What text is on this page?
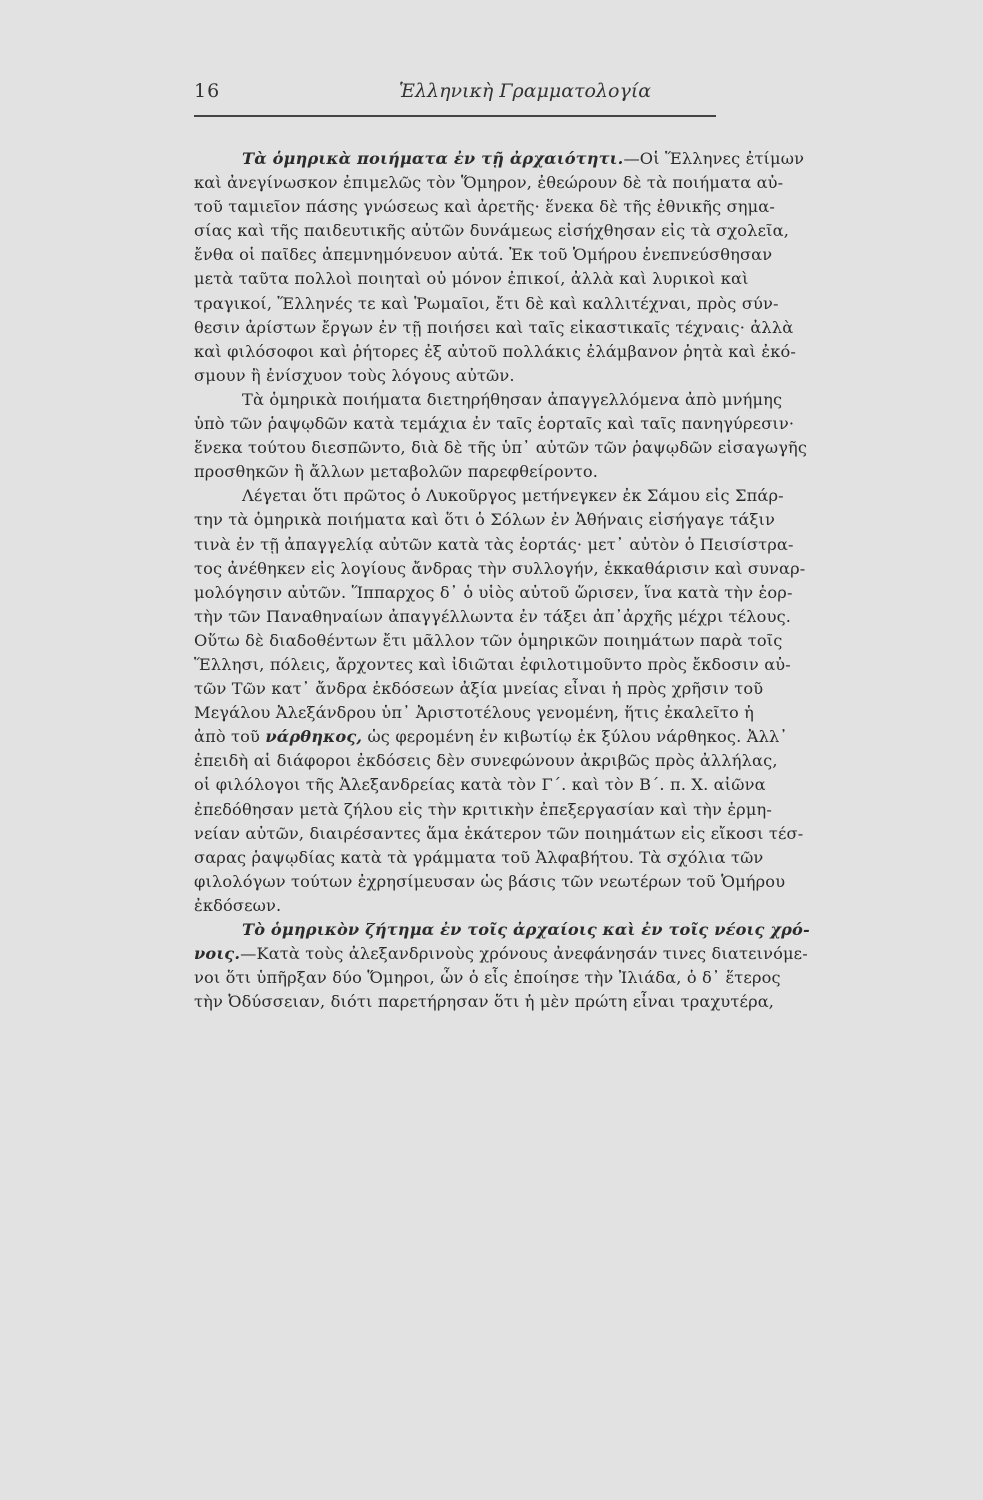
16	Ἑλληνικὴ Γραμματολογία
Τὰ ὁμηρικὰ ποιήματα ἐν τῇ ἀρχαιότητι.—Οἱ Ἕλληνες ἐτίμων
καὶ ἀνεγίνωσκον ἐπιμελῶς τὸν Ὅμηρον, ἐθεώρουν δὲ τὰ ποιήματα αὐ-
τοῦ ταμιεῖον πάσης γνώσεως καὶ ἀρετῆς· ἕνεκα δὲ τῆς ἐθνικῆς σημα-
σίας καὶ τῆς παιδευτικῆς αὐτῶν δυνάμεως εἰσήχθησαν εἰς τὰ σχολεῖα,
ἔνθα οἱ παῖδες ἀπεμνημόνευον αὐτά. Ἐκ τοῦ Ὁμήρου ἐνεπνεύσθησαν
μετὰ ταῦτα πολλοὶ ποιηταὶ οὐ μόνον ἐπικοί, ἀλλὰ καὶ λυρικοὶ καὶ
τραγικοί, Ἕλληνές τε καὶ Ῥωμαῖοι, ἔτι δὲ καὶ καλλιτέχναι, πρὸς σύν-
θεσιν ἀρίστων ἔργων ἐν τῇ ποιήσει καὶ ταῖς εἰκαστικαῖς τέχναις· ἀλλὰ
καὶ φιλόσοφοι καὶ ῥήτορες ἐξ αὐτοῦ πολλάκις ἐλάμβανον ῥητὰ καὶ ἐκό-
σμουν ἢ ἐνίσχυον τοὺς λόγους αὐτῶν.
Τὰ ὁμηρικὰ ποιήματα διετηρήθησαν ἀπαγγελλόμενα ἀπὸ μνήμης
ὑπὸ τῶν ῥαψῳδῶν κατὰ τεμάχια ἐν ταῖς ἑορταῖς καὶ ταῖς πανηγύρεσιν·
ἕνεκα τούτου διεσπῶντο, διὰ δὲ τῆς ὑπ᾽ αὐτῶν τῶν ῥαψῳδῶν εἰσαγωγῆς
προσθηκῶν ἢ ἄλλων μεταβολῶν παρεφθείροντο.
Λέγεται ὅτι πρῶτος ὁ Λυκοῦργος μετήνεγκεν ἐκ Σάμου εἰς Σπάρ-
την τὰ ὁμηρικὰ ποιήματα καὶ ὅτι ὁ Σόλων ἐν Ἀθήναις εἰσήγαγε τάξιν
τινὰ ἐν τῇ ἀπαγγελίᾳ αὐτῶν κατὰ τὰς ἑορτάς· μετ᾽ αὐτὸν ὁ Πεισίστρα-
τος ἀνέθηκεν εἰς λογίους ἄνδρας τὴν συλλογήν, ἐκκαθάρισιν καὶ συναρ-
μολόγησιν αὐτῶν. Ἵππαρχος δ᾽ ὁ υἱὸς αὐτοῦ ὥρισεν, ἵνα κατὰ τὴν ἑορ-
τὴν τῶν Παναθηναίων ἀπαγγέλλωντα ἐν τάξει ἀπ᾽ἀρχῆς μέχρι τέλους.
Οὕτω δὲ διαδοθέντων ἔτι μᾶλλον τῶν ὁμηρικῶν ποιημάτων παρὰ τοῖς
Ἕλλησι, πόλεις, ἄρχοντες καὶ ἰδιῶται ἐφιλοτιμοῦντο πρὸς ἔκδοσιν αὐ-
τῶν Τῶν κατ᾽ ἄνδρα ἐκδόσεων ἀξία μνείας εἶναι ἡ πρὸς χρῆσιν τοῦ
Μεγάλου Ἀλεξάνδρου ὑπ᾽ Ἀριστοτέλους γενομένη, ἥτις ἐκαλεῖτο ἡ
ἀπὸ τοῦ νάρθηκος, ὡς φερομένη ἐν κιβωτίῳ ἐκ ξύλου νάρθηκος. Ἀλλ᾽
ἐπειδὴ αἱ διάφοροι ἐκδόσεις δὲν συνεφώνουν ἀκριβῶς πρὸς ἀλλήλας,
οἱ φιλόλογοι τῆς Ἀλεξανδρείας κατὰ τὸν Γ΄. καὶ τὸν Β΄. π. Χ. αἰῶνα
ἐπεδόθησαν μετὰ ζήλου εἰς τὴν κριτικὴν ἐπεξεργασίαν καὶ τὴν ἑρμη-
νείαν αὐτῶν, διαιρέσαντες ἅμα ἑκάτερον τῶν ποιημάτων εἰς εἴκοσι τέσ-
σαρας ῥαψῳδίας κατὰ τὰ γράμματα τοῦ Ἀλφαβήτου. Τὰ σχόλια τῶν
φιλολόγων τούτων ἐχρησίμευσαν ὡς βάσις τῶν νεωτέρων τοῦ Ὁμήρου
ἐκδόσεων.
Τὸ ὁμηρικὸν ζήτημα ἐν τοῖς ἀρχαίοις καὶ ἐν τοῖς νέοις χρό-
νοις.—Κατὰ τοὺς ἀλεξανδρινοὺς χρόνους ἀνεφάνησάν τινες διατεινόμε-
νοι ὅτι ὑπῆρξαν δύο Ὅμηροι, ὧν ὁ εἷς ἐποίησε τὴν Ἰλιάδα, ὁ δ᾽ ἕτερος
τὴν Ὀδύσσειαν, διότι παρετήρησαν ὅτι ἡ μὲν πρώτη εἶναι τραχυτέρα,
